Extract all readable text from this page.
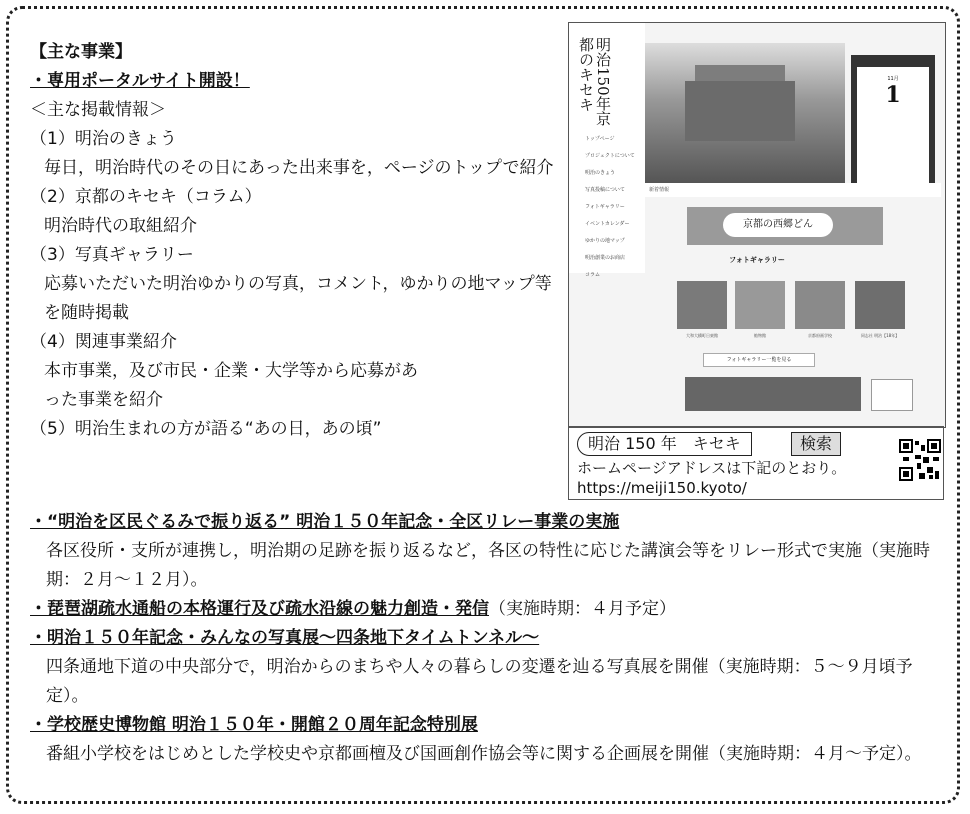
【主な事業】
・専用ポータルサイト開設！
＜主な掲載情報＞
（1）明治のきょう
毎日，明治時代のその日にあった出来事を，ページのトップで紹介
（2）京都のキセキ（コラム）
明治時代の取組紹介
（3）写真ギャラリー
応募いただいた明治ゆかりの写真，コメント，ゆかりの地マップ等を随時掲載
（4）関連事業紹介
本市事業，及び市民・企業・大学等から応募があった事業を紹介
（5）明治生まれの方が語る“あの日，あの頃”
明治150年京都のキセキ
トップページ
プロジェクトについて
明治のきょう
写真投稿について
フォトギャラリー
イベントカレンダー
ゆかりの地マップ
明治創業のお商店
コラム
11月
1
新着情報
京都の西郷どん
フォトギャラリー
大和大橋町日東館	勧物館	京都府画学校	同志社 明治【18年】
フォトギャラリー一覧を見る
明治 150 年　キセキ	検索
ホームページアドレスは下記のとおり。
https://meiji150.kyoto/
・“明治を区民ぐるみで振り返る” 明治１５０年記念・全区リレー事業の実施
各区役所・支所が連携し，明治期の足跡を振り返るなど，各区の特性に応じた講演会等をリレー形式で実施（実施時期：２月～１２月）。
・琵琶湖疏水通船の本格運行及び疏水沿線の魅力創造・発信（実施時期：４月予定）
・明治１５０年記念・みんなの写真展～四条地下タイムトンネル～
四条通地下道の中央部分で，明治からのまちや人々の暮らしの変遷を辿る写真展を開催（実施時期：５～９月頃予定）。
・学校歴史博物館 明治１５０年・開館２０周年記念特別展
番組小学校をはじめとした学校史や京都画檀及び国画創作協会等に関する企画展を開催（実施時期：４月～予定）。
